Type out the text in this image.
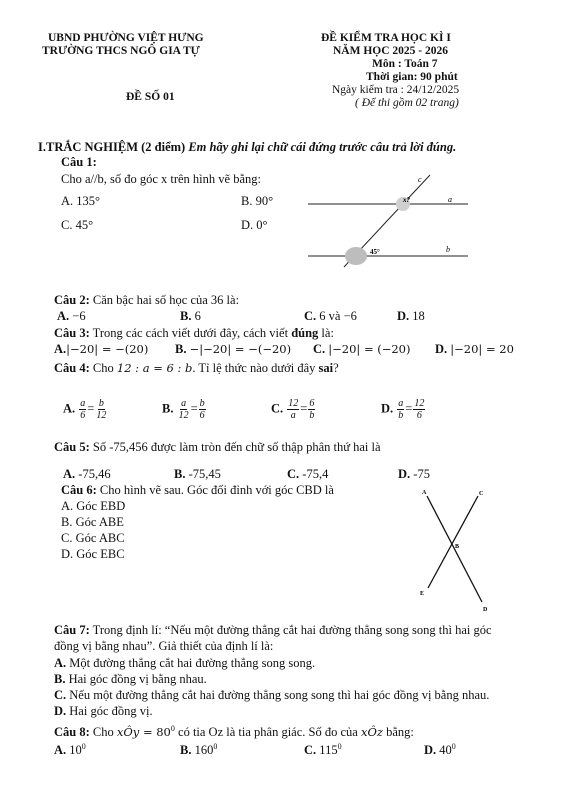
UBND PHƯỜNG VIỆT HƯNG
TRƯỜNG THCS NGÔ GIA TỰ
ĐỀ KIỂM TRA HỌC KÌ I
NĂM HỌC 2025 - 2026
Môn : Toán 7
Thời gian: 90 phút
ĐỀ SỐ 01
Ngày kiểm tra : 24/12/2025
( Để thi gồm 02 trang)
I.TRẮC NGHIỆM (2 điểm) Em hãy ghi lại chữ cái đứng trước câu trả lời đúng.
Câu 1:
Cho a//b, số đo góc x trên hình vẽ bằng:
A. 135°	B. 90°
C. 45°	D. 0°
c
x?	a
45°	b
Câu 2: Căn bậc hai số học của 36 là:
A. −6	B. 6	C. 6 và −6	D. 18
Câu 3: Trong các cách viết dưới đây, cách viết đúng là:
A.|−20| = −(20) B. −|−20| = −(−20) C. |−20| = (−20) D. |−20| = 20
Câu 4: Cho 12 : a = 6 : b. Tỉ lệ thức nào dưới đây sai?
A. $\frac{a}{6} = \frac{b}{12}$	B. $\frac{a}{12} = \frac{b}{6}$	C. $\frac{12}{a} = \frac{6}{b}$	D. $\frac{a}{b} = \frac{12}{6}$
Câu 5: Số -75,456 được làm tròn đến chữ số thập phân thứ hai là
A. -75,46	B. -75,45	C. -75,4	D. -75
Câu 6: Cho hình vẽ sau. Góc đối đỉnh với góc CBD là
A. Góc EBD
B. Góc ABE
C. Góc ABC
D. Góc EBC
A	C
B
E
D
Câu 7: Trong định lí: “Nếu một đường thẳng cắt hai đường thẳng song song thì hai góc
đồng vị bằng nhau”. Giả thiết của định lí là:
A. Một đường thẳng cắt hai đường thẳng song song.
B. Hai góc đồng vị bằng nhau.
C. Nếu một đường thẳng cắt hai đường thẳng song song thì hai góc đồng vị bằng nhau.
D. Hai góc đồng vị.
Câu 8: Cho xÔy = $80^0$ có tia Oz là tia phân giác. Số đo của xÔz bằng:
A. $10^0$	B. $160^0$	C. $115^0$	D. $40^0$
